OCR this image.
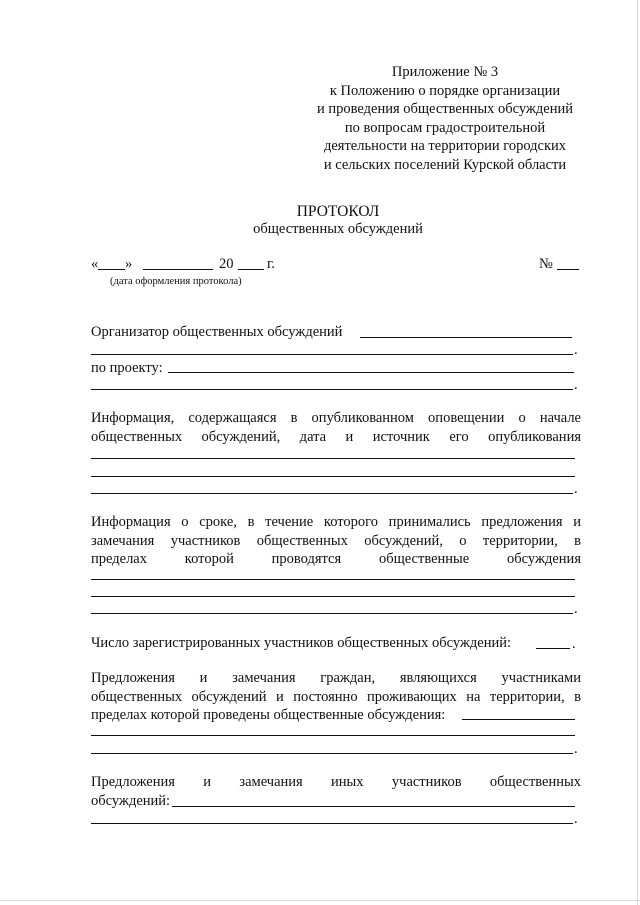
Приложение № 3
к Положению о порядке организации
и проведения общественных обсуждений
по вопросам градостроительной
деятельности на территории городских
и сельских поселений Курской области
ПРОТОКОЛ
общественных обсуждений
« »	20 г.	№
(дата оформления протокола)
Организатор общественных обсуждений
.
по проекту:
.
Информация, содержащаяся в опубликованном оповещении о начале
общественных обсуждений, дата и источник его опубликования
.
Информация о сроке, в течение которого принимались предложения и
замечания участников общественных обсуждений, о территории, в
пределах которой проводятся общественные обсуждения
.
Число зарегистрированных участников общественных обсуждений:	.
Предложения и замечания граждан, являющихся участниками
общественных обсуждений и постоянно проживающих на территории, в
пределах которой проведены общественные обсуждения:
.
Предложения и замечания иных участников общественных
обсуждений:
.
